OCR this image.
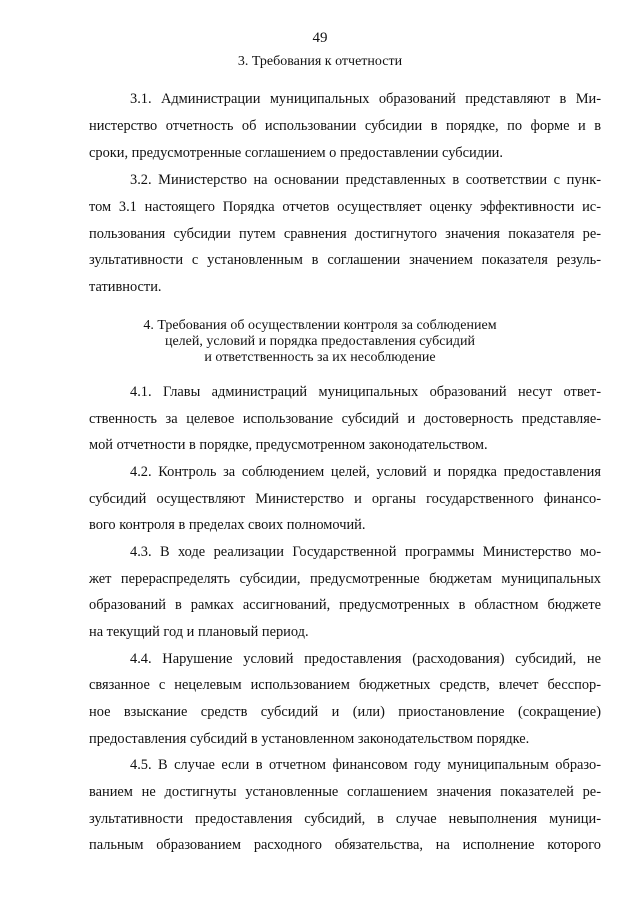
49
3. Требования к отчетности
3.1. Администрации муниципальных образований представляют в Ми-
нистерство отчетность об использовании субсидии в порядке, по форме и в
сроки, предусмотренные соглашением о предоставлении субсидии.
3.2. Министерство на основании представленных в соответствии с пунк-
том 3.1 настоящего Порядка отчетов осуществляет оценку эффективности ис-
пользования субсидии путем сравнения достигнутого значения показателя ре-
зультативности с установленным в соглашении значением показателя резуль-
тативности.
4. Требования об осуществлении контроля за соблюдением
целей, условий и порядка предоставления субсидий
и ответственность за их несоблюдение
4.1. Главы администраций муниципальных образований несут ответ-
ственность за целевое использование субсидий и достоверность представляе-
мой отчетности в порядке, предусмотренном законодательством.
4.2. Контроль за соблюдением целей, условий и порядка предоставления
субсидий осуществляют Министерство и органы государственного финансо-
вого контроля в пределах своих полномочий.
4.3. В ходе реализации Государственной программы Министерство мо-
жет перераспределять субсидии, предусмотренные бюджетам муниципальных
образований в рамках ассигнований, предусмотренных в областном бюджете
на текущий год и плановый период.
4.4. Нарушение условий предоставления (расходования) субсидий, не
связанное с нецелевым использованием бюджетных средств, влечет бесспор-
ное взыскание средств субсидий и (или) приостановление (сокращение)
предоставления субсидий в установленном законодательством порядке.
4.5. В случае если в отчетном финансовом году муниципальным образо-
ванием не достигнуты установленные соглашением значения показателей ре-
зультативности предоставления субсидий, в случае невыполнения муници-
пальным образованием расходного обязательства, на исполнение которого
